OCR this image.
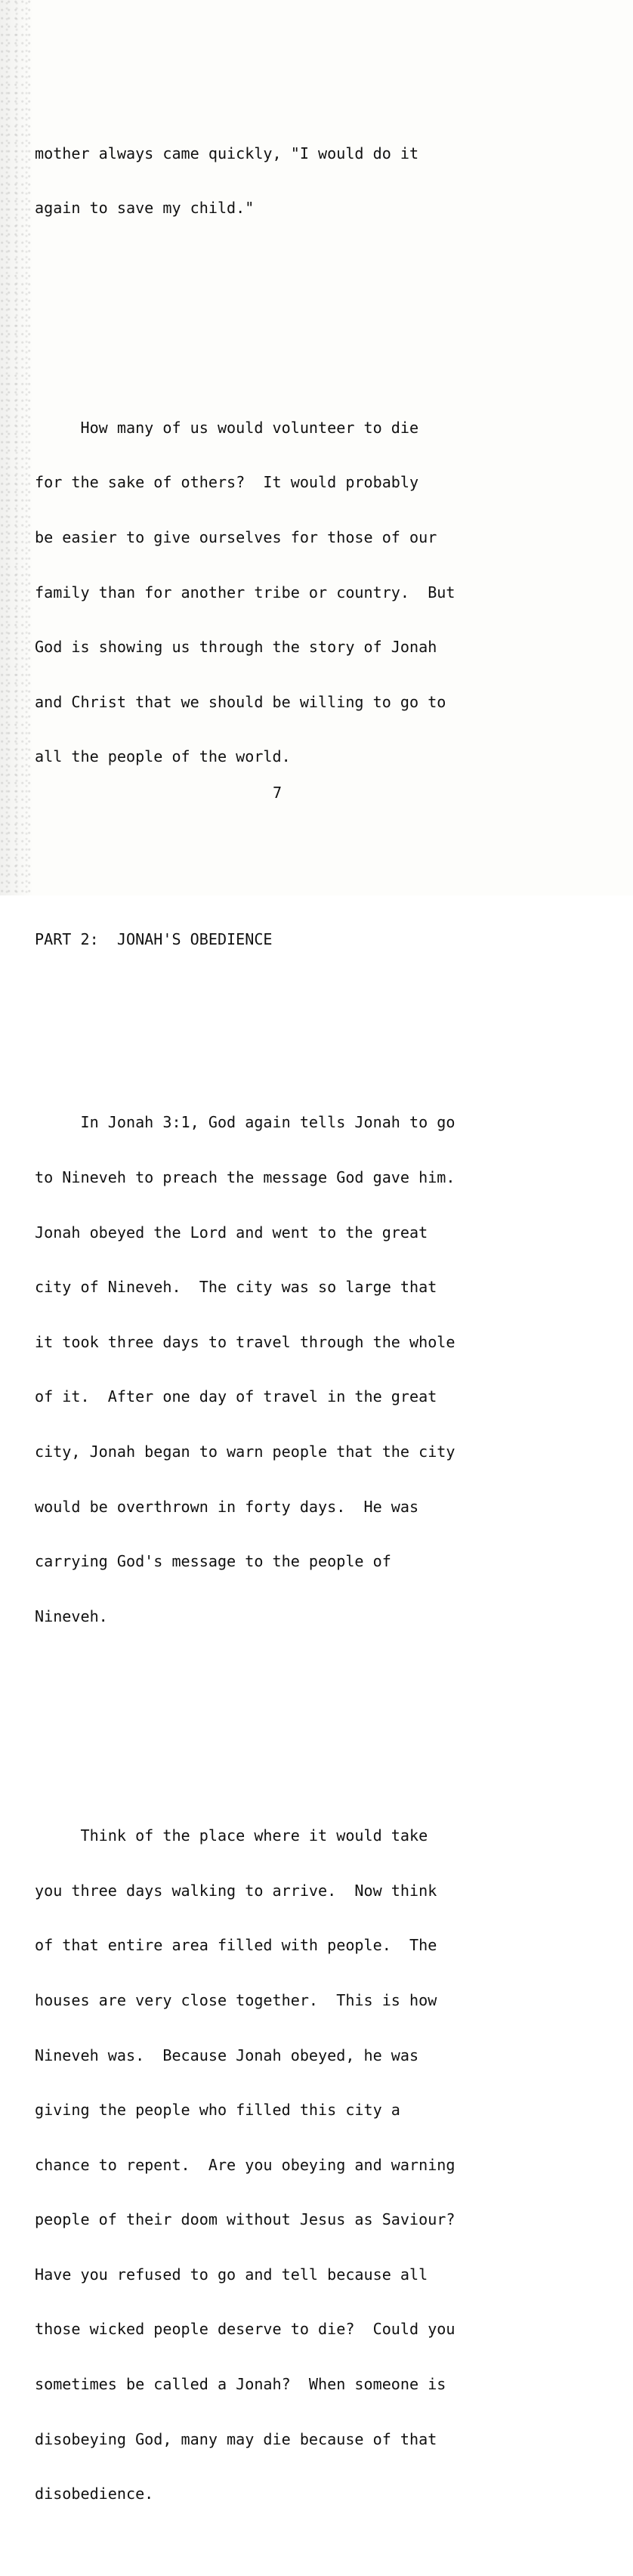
mother always came quickly, "I would do it

again to save my child."

How many of us would volunteer to die

for the sake of others?  It would probably

be easier to give ourselves for those of our

family than for another tribe or country.  But

God is showing us through the story of Jonah

and Christ that we should be willing to go to

all the people of the world.

PART 2:  JONAH'S OBEDIENCE

In Jonah 3:1, God again tells Jonah to go

to Nineveh to preach the message God gave him.

Jonah obeyed the Lord and went to the great

city of Nineveh.  The city was so large that

it took three days to travel through the whole

of it.  After one day of travel in the great

city, Jonah began to warn people that the city

would be overthrown in forty days.  He was

carrying God's message to the people of

Nineveh.

Think of the place where it would take

you three days walking to arrive.  Now think

of that entire area filled with people.  The

houses are very close together.  This is how

Nineveh was.  Because Jonah obeyed, he was

giving the people who filled this city a

chance to repent.  Are you obeying and warning

people of their doom without Jesus as Saviour?

Have you refused to go and tell because all

those wicked people deserve to die?  Could you

sometimes be called a Jonah?  When someone is

disobeying God, many may die because of that

disobedience.

7
